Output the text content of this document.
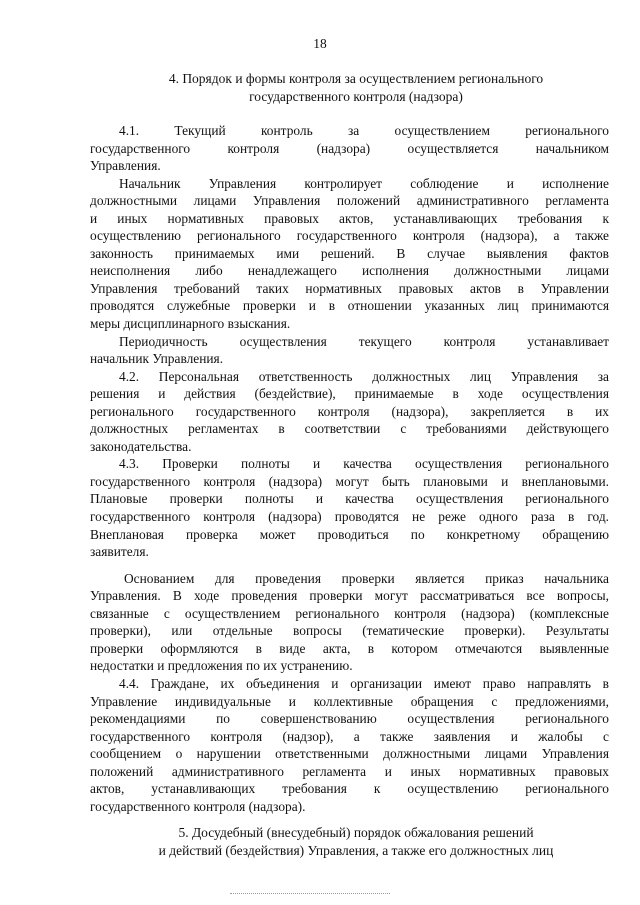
18
4. Порядок и формы контроля за осуществлением регионального
государственного контроля (надзора)
4.1. Текущий контроль за осуществлением регионального
государственного контроля (надзора) осуществляется начальником
Управления.
Начальник Управления контролирует соблюдение и исполнение
должностными лицами Управления положений административного регламента
и иных нормативных правовых актов, устанавливающих требования к
осуществлению регионального государственного контроля (надзора), а также
законность принимаемых ими решений. В случае выявления фактов
неисполнения либо ненадлежащего исполнения должностными лицами
Управления требований таких нормативных правовых актов в Управлении
проводятся служебные проверки и в отношении указанных лиц принимаются
меры дисциплинарного взыскания.
Периодичность осуществления текущего контроля устанавливает
начальник Управления.
4.2. Персональная ответственность должностных лиц Управления за
решения и действия (бездействие), принимаемые в ходе осуществления
регионального государственного контроля (надзора), закрепляется в их
должностных регламентах в соответствии с требованиями действующего
законодательства.
4.3. Проверки полноты и качества осуществления регионального
государственного контроля (надзора) могут быть плановыми и внеплановыми.
Плановые проверки полноты и качества осуществления регионального
государственного контроля (надзора) проводятся не реже одного раза в год.
Внеплановая проверка может проводиться по конкретному обращению
заявителя.
Основанием для проведения проверки является приказ начальника
Управления. В ходе проведения проверки могут рассматриваться все вопросы,
связанные с осуществлением регионального контроля (надзора) (комплексные
проверки), или отдельные вопросы (тематические проверки). Результаты
проверки оформляются в виде акта, в котором отмечаются выявленные
недостатки и предложения по их устранению.
4.4. Граждане, их объединения и организации имеют право направлять в
Управление индивидуальные и коллективные обращения с предложениями,
рекомендациями по совершенствованию осуществления регионального
государственного контроля (надзор), а также заявления и жалобы с
сообщением о нарушении ответственными должностными лицами Управления
положений административного регламента и иных нормативных правовых
актов, устанавливающих требования к осуществлению регионального
государственного контроля (надзора).
5. Досудебный (внесудебный) порядок обжалования решений
и действий (бездействия) Управления, а также его должностных лиц
